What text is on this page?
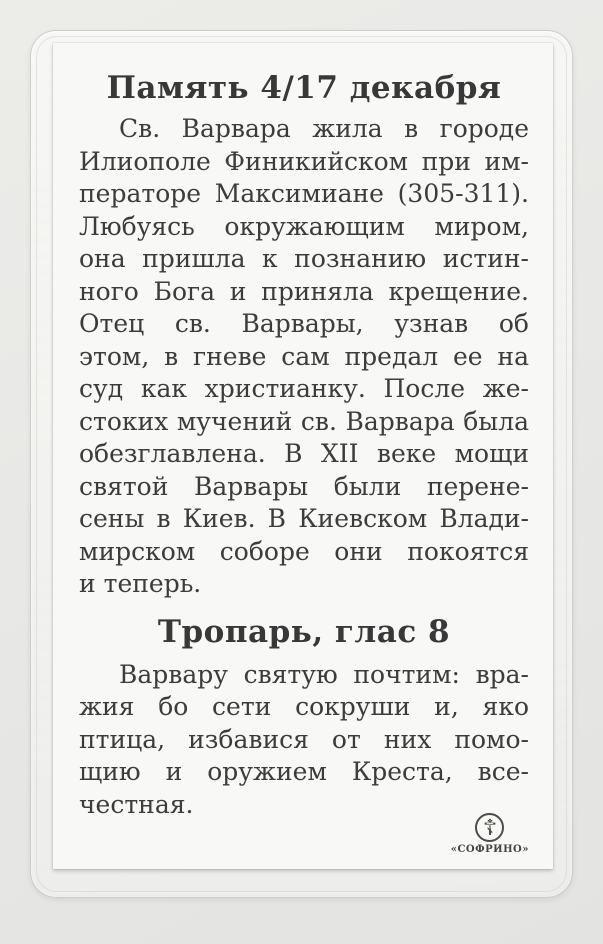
Память 4/17 декабря
Св. Варвара жила в городе
Илиополе Финикийском при им-
ператоре Максимиане (305-311).
Любуясь окружающим миром,
она пришла к познанию истин-
ного Бога и приняла крещение.
Отец св. Варвары, узнав об
этом, в гневе сам предал ее на
суд как христианку. После же-
стоких мучений св. Варвара была
обезглавлена. В XII веке мощи
святой Варвары были перене-
сены в Киев. В Киевском Влади-
мирском соборе они покоятся
и теперь.
Тропарь, глас 8
Варвару святую почтим: вра-
жия бо сети сокруши и, яко
птица, избавися от них помо-
щию и оружием Креста, все-
честная.
☦
«СОФРИНО»
